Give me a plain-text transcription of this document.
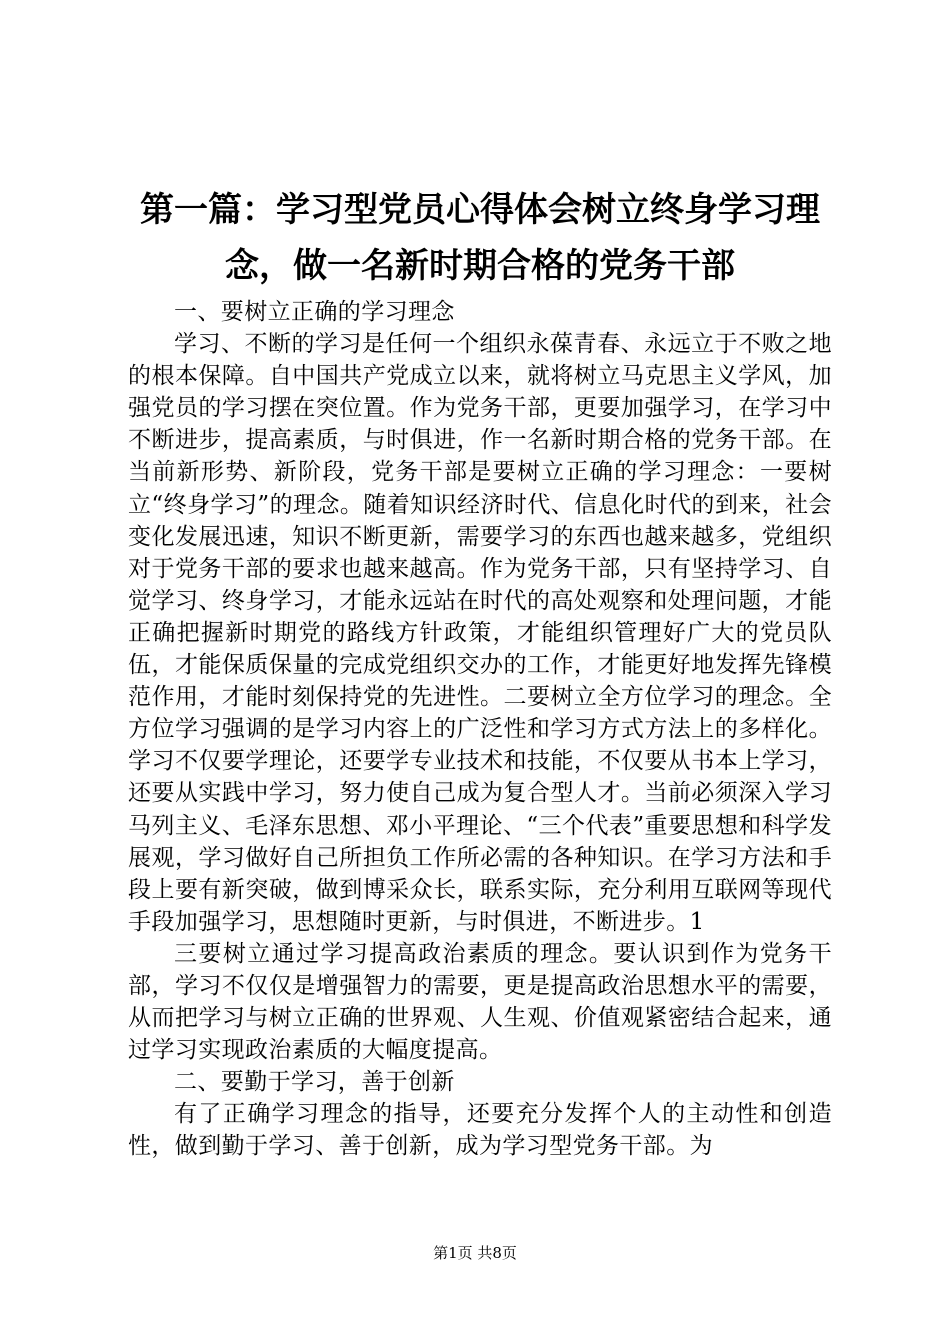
第一篇：学习型党员心得体会树立终身学习理念，做一名新时期合格的党务干部

一、要树立正确的学习理念

学习、不断的学习是任何一个组织永葆青春、永远立于不败之地的根本保障。自中国共产党成立以来，就将树立马克思主义学风，加强党员的学习摆在突位置。作为党务干部，更要加强学习，在学习中不断进步，提高素质，与时俱进，作一名新时期合格的党务干部。在当前新形势、新阶段，党务干部是要树立正确的学习理念：一要树立“终身学习”的理念。随着知识经济时代、信息化时代的到来，社会变化发展迅速，知识不断更新，需要学习的东西也越来越多，党组织对于党务干部的要求也越来越高。作为党务干部，只有坚持学习、自觉学习、终身学习，才能永远站在时代的高处观察和处理问题，才能正确把握新时期党的路线方针政策，才能组织管理好广大的党员队伍，才能保质保量的完成党组织交办的工作，才能更好地发挥先锋模范作用，才能时刻保持党的先进性。二要树立全方位学习的理念。全方位学习强调的是学习内容上的广泛性和学习方式方法上的多样化。学习不仅要学理论，还要学专业技术和技能，不仅要从书本上学习，还要从实践中学习，努力使自己成为复合型人才。当前必须深入学习马列主义、毛泽东思想、邓小平理论、“三个代表”重要思想和科学发展观，学习做好自己所担负工作所必需的各种知识。在学习方法和手段上要有新突破，做到博采众长，联系实际，充分利用互联网等现代手段加强学习，思想随时更新，与时俱进，不断进步。1

三要树立通过学习提高政治素质的理念。要认识到作为党务干部，学习不仅仅是增强智力的需要，更是提高政治思想水平的需要，从而把学习与树立正确的世界观、人生观、价值观紧密结合起来，通过学习实现政治素质的大幅度提高。

二、要勤于学习，善于创新

有了正确学习理念的指导，还要充分发挥个人的主动性和创造性，做到勤于学习、善于创新，成为学习型党务干部。为

第1页 共8页
